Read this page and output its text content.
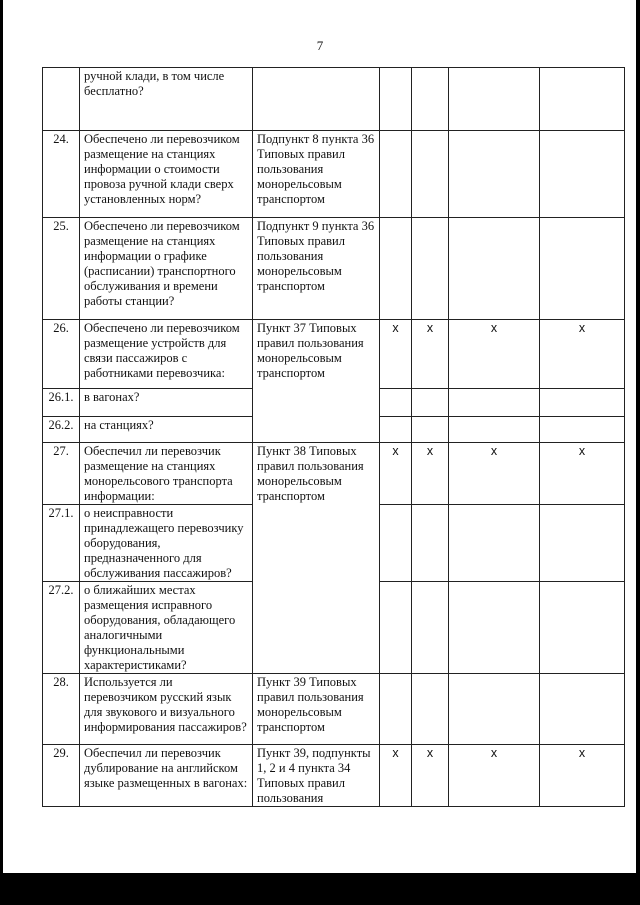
7
	ручной клади, в том числе бесплатно?					
24.	Обеспечено ли перевозчиком размещение на станциях информации о стоимости провоза ручной клади сверх установленных норм?	Подпункт 8 пункта 36 Типовых правил пользования монорельсовым транспортом				
25.	Обеспечено ли перевозчиком размещение на станциях информации о графике (расписании) транспортного обслуживания и времени работы станции?	Подпункт 9 пункта 36 Типовых правил пользования монорельсовым транспортом				
26.	Обеспечено ли перевозчиком размещение устройств для связи пассажиров с работниками перевозчика:	Пункт 37 Типовых правил пользования монорельсовым транспортом	x	x	x	x
26.1.	в вагонах?					
26.2.	на станциях?					
27.	Обеспечил ли перевозчик размещение на станциях монорельсового транспорта информации:	Пункт 38 Типовых правил пользования монорельсовым транспортом	x	x	x	x
27.1.	о неисправности принадлежащего перевозчику оборудования, предназначенного для обслуживания пассажиров?					
27.2.	о ближайших местах размещения исправного оборудования, обладающего аналогичными функциональными характеристиками?					
28.	Используется ли перевозчиком русский язык для звукового и визуального информирования пассажиров?	Пункт 39 Типовых правил пользования монорельсовым транспортом				
29.	Обеспечил ли перевозчик дублирование на английском языке размещенных в вагонах:	Пункт 39, подпункты 1, 2 и 4 пункта 34 Типовых правил пользования	x	x	x	x
